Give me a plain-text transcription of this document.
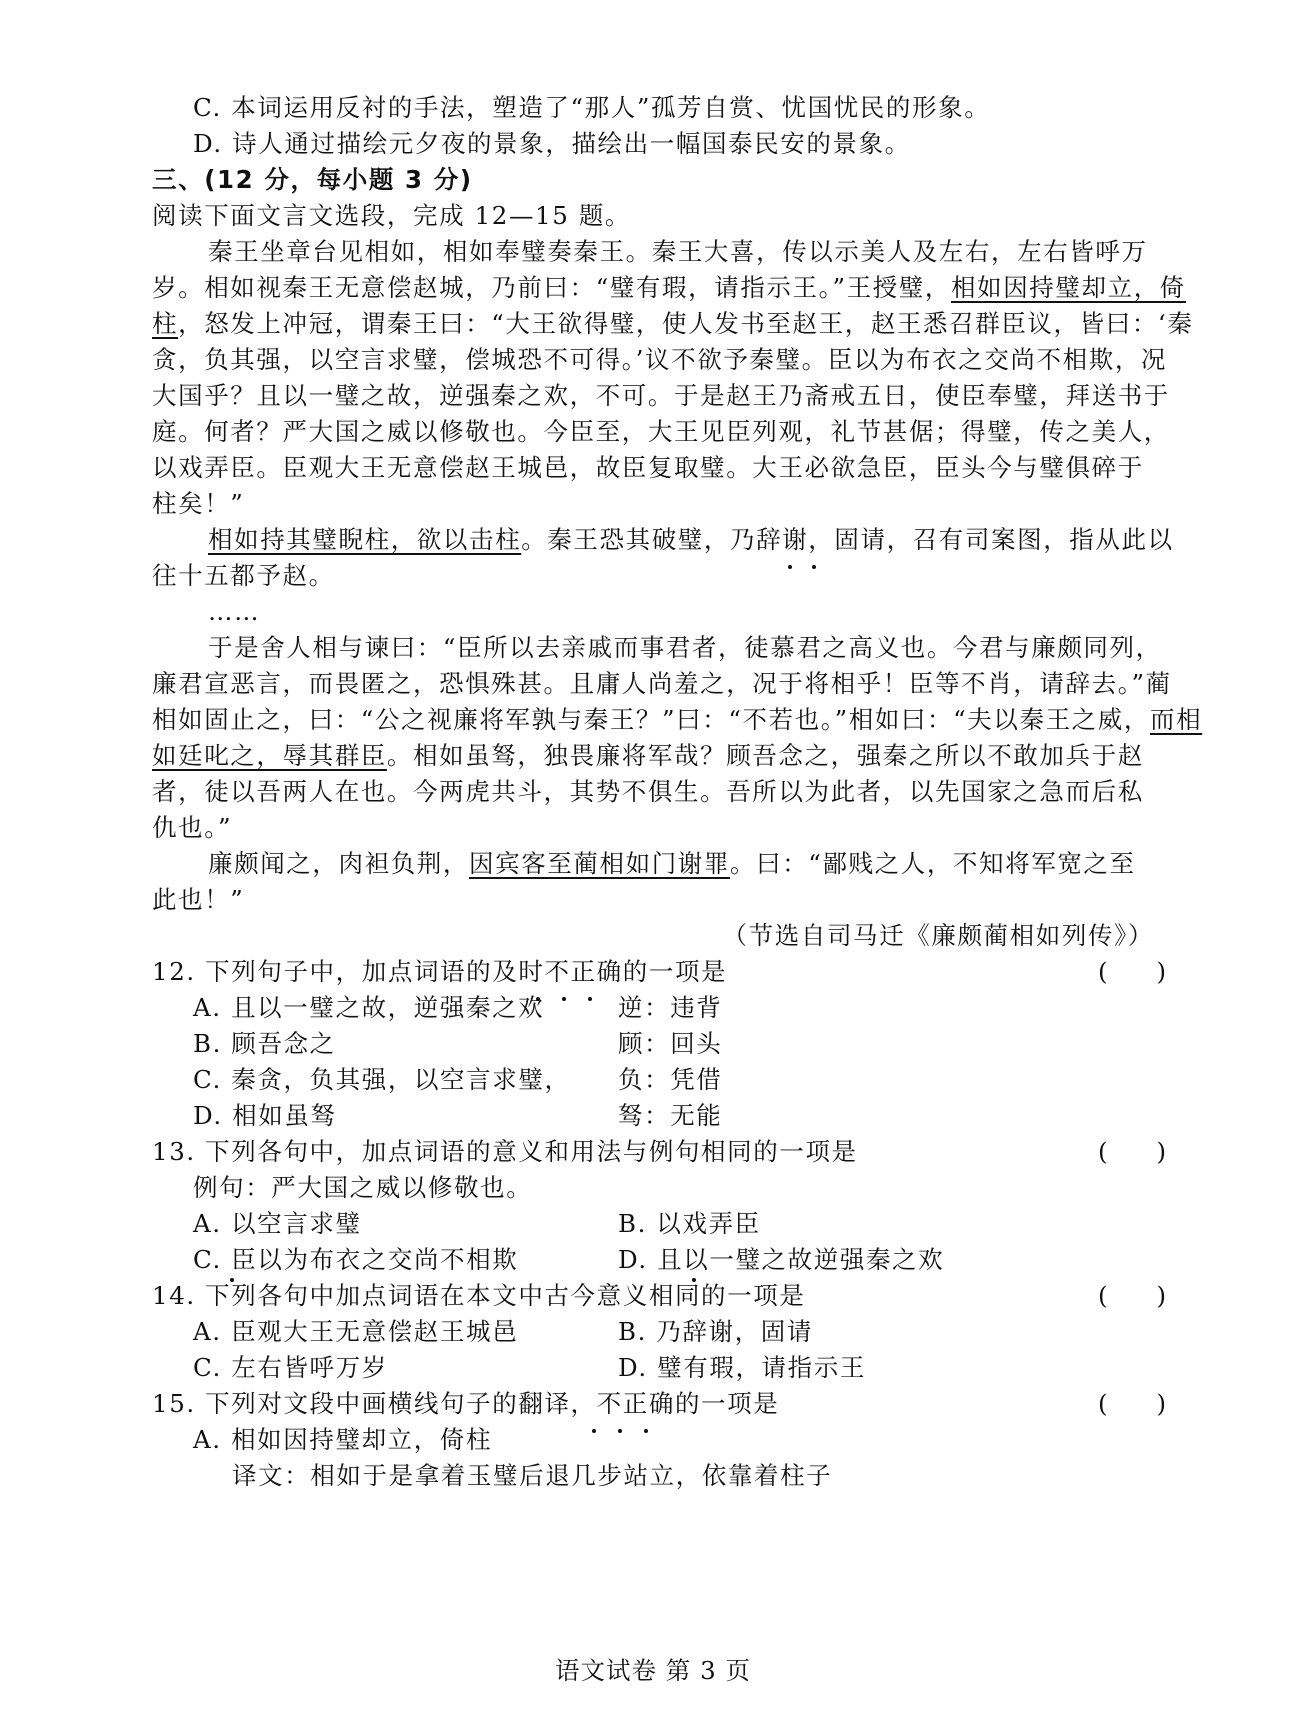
C. 本词运用反衬的手法，塑造了“那人”孤芳自赏、忧国忧民的形象。
D. 诗人通过描绘元夕夜的景象，描绘出一幅国泰民安的景象。
三、(12 分，每小题 3 分)
阅读下面文言文选段，完成 12—15 题。
秦王坐章台见相如，相如奉璧奏秦王。秦王大喜，传以示美人及左右，左右皆呼万
岁。相如视秦王无意偿赵城，乃前曰：“璧有瑕，请指示王。”王授璧，相如因持璧却立，倚
柱，怒发上冲冠，谓秦王曰：“大王欲得璧，使人发书至赵王，赵王悉召群臣议，皆曰：‘秦
贪，负其强，以空言求璧，偿城恐不可得。’议不欲予秦璧。臣以为布衣之交尚不相欺，况
大国乎？且以一璧之故，逆强秦之欢，不可。于是赵王乃斋戒五日，使臣奉璧，拜送书于
庭。何者？严大国之威以修敬也。今臣至，大王见臣列观，礼节甚倨；得璧，传之美人，
以戏弄臣。臣观大王无意偿赵王城邑，故臣复取璧。大王必欲急臣，臣头今与璧俱碎于
柱矣！”
相如持其璧睨柱，欲以击柱。秦王恐其破璧，乃辞谢，固请，召有司案图，指从此以
往十五都予赵。
……
于是舍人相与谏曰：“臣所以去亲戚而事君者，徒慕君之高义也。今君与廉颇同列，
廉君宣恶言，而畏匿之，恐惧殊甚。且庸人尚羞之，况于将相乎！臣等不肖，请辞去。”蔺
相如固止之，曰：“公之视廉将军孰与秦王？”曰：“不若也。”相如曰：“夫以秦王之威，而相
如廷叱之，辱其群臣。相如虽驽，独畏廉将军哉？顾吾念之，强秦之所以不敢加兵于赵
者，徒以吾两人在也。今两虎共斗，其势不俱生。吾所以为此者，以先国家之急而后私
仇也。”
廉颇闻之，肉袒负荆，因宾客至蔺相如门谢罪。曰：“鄙贱之人，不知将军宽之至
此也！”
（节选自司马迁《廉颇蔺相如列传》）
12. 下列句子中，加点词语的及时不正确的一项是	(　　)
A. 且以一璧之故，逆强秦之欢	逆：违背
B. 顾吾念之	顾：回头
C. 秦贪，负其强，以空言求璧， 负：凭借
D. 相如虽驽	驽：无能
13. 下列各句中，加点词语的意义和用法与例句相同的一项是	(　　)
例句：严大国之威以修敬也。
A. 以空言求璧	B. 以戏弄臣
C. 臣以为布衣之交尚不相欺	D. 且以一璧之故逆强秦之欢
14. 下列各句中加点词语在本文中古今意义相同的一项是	(　　)
A. 臣观大王无意偿赵王城邑	B. 乃辞谢，固请
C. 左右皆呼万岁	D. 璧有瑕，请指示王
15. 下列对文段中画横线句子的翻译，不正确的一项是	(　　)
A. 相如因持璧却立，倚柱
译文：相如于是拿着玉璧后退几步站立，依靠着柱子
语文试卷 第 3 页
